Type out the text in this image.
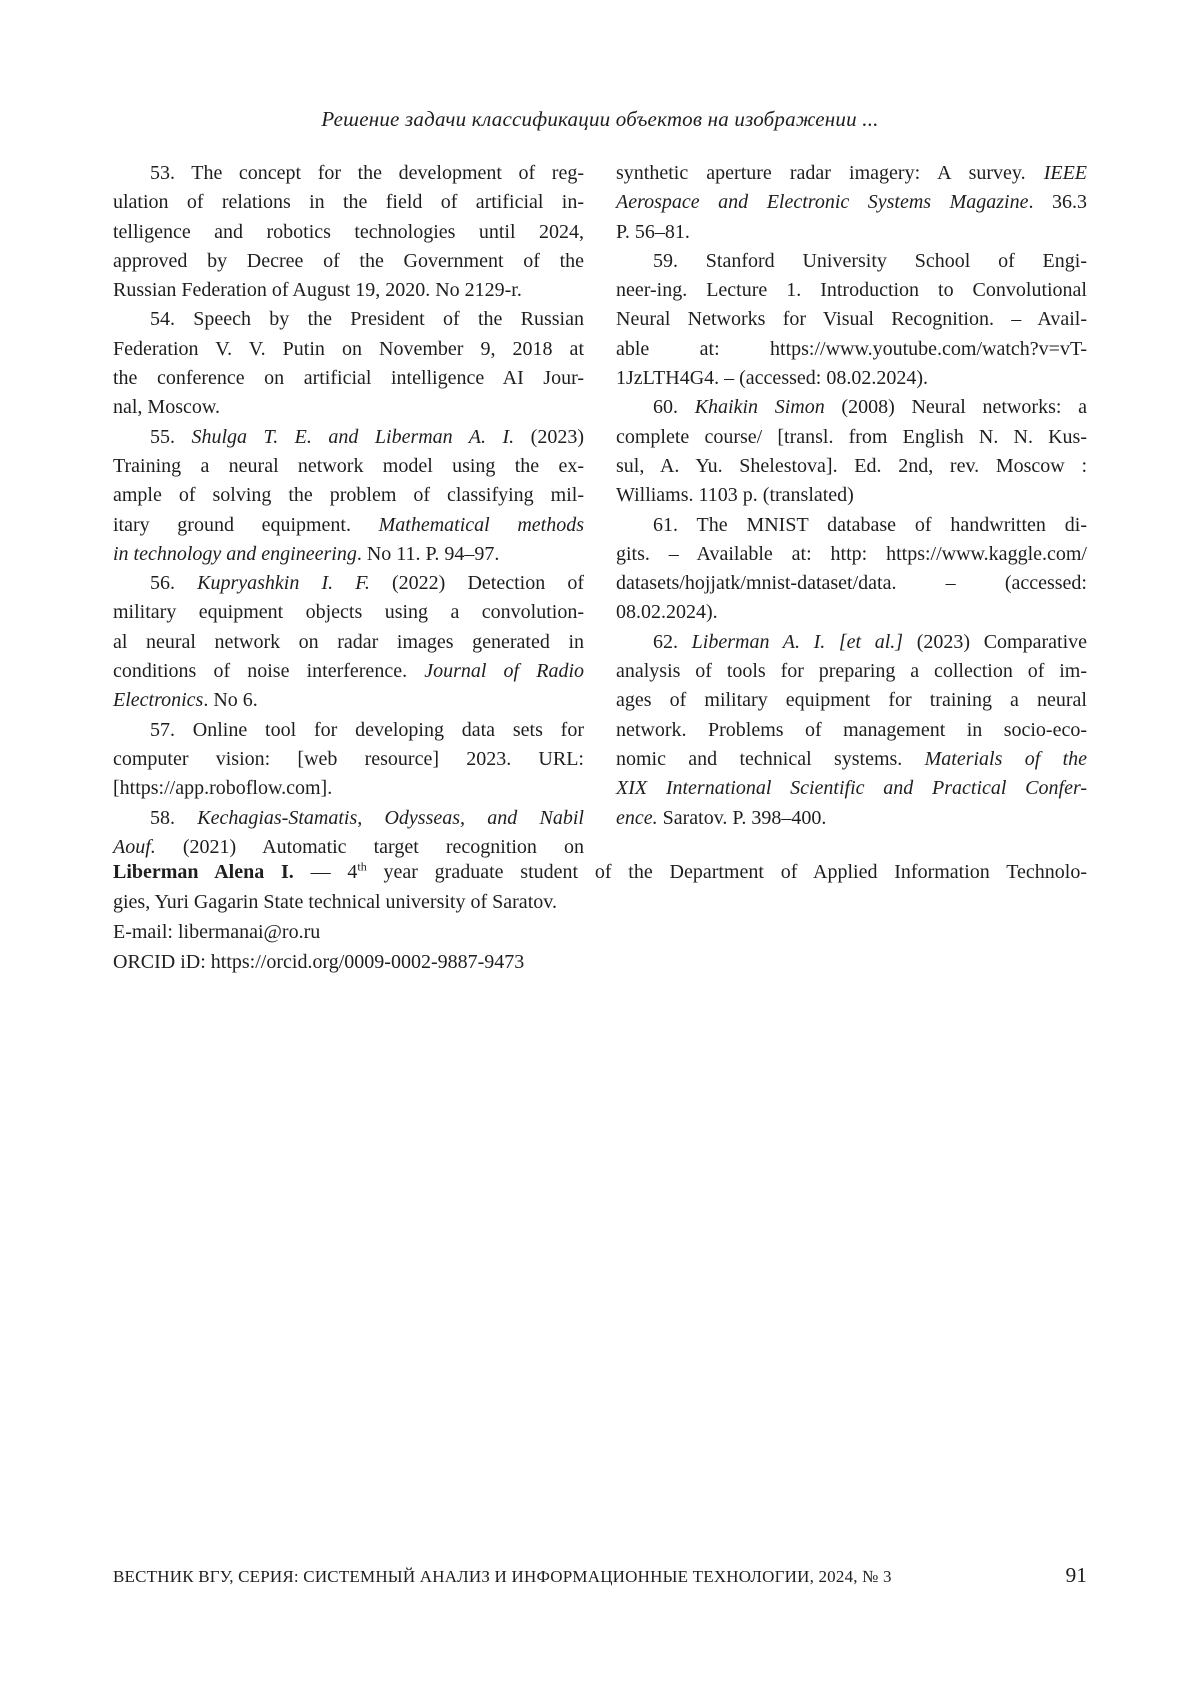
Решение задачи классификации объектов на изображении ...
53. The concept for the development of reg-
ulation of relations in the field of artificial in-
telligence and robotics technologies until 2024,
approved by Decree of the Government of the
Russian Federation of August 19, 2020. No 2129-r.
54. Speech by the President of the Russian
Federation V. V. Putin on November 9, 2018 at
the conference on artificial intelligence AI Jour-
nal, Moscow.
55. Shulga T. E. and Liberman A. I. (2023)
Training a neural network model using the ex-
ample of solving the problem of classifying mil-
itary ground equipment. Mathematical methods
in technology and engineering. No 11. P. 94–97.
56. Kupryashkin I. F. (2022) Detection of
military equipment objects using a convolution-
al neural network on radar images generated in
conditions of noise interference. Journal of Radio
Electronics. No 6.
57. Online tool for developing data sets for
computer vision: [web resource] 2023. URL:
[https://app.roboflow.com].
58. Kechagias-Stamatis, Odysseas, and Nabil
Aouf. (2021) Automatic target recognition on
synthetic aperture radar imagery: A survey. IEEE
Aerospace and Electronic Systems Magazine. 36.3
P. 56–81.
59. Stanford University School of Engi-
neer-ing. Lecture 1. Introduction to Convolutional
Neural Networks for Visual Recognition. – Avail-
able at: https://www.youtube.com/watch?v=vT-
1JzLTH4G4. – (accessed: 08.02.2024).
60. Khaikin Simon (2008) Neural networks: a
complete course/ [transl. from English N. N. Kus-
sul, A. Yu. Shelestova]. Ed. 2nd, rev. Moscow :
Williams. 1103 p. (translated)
61. The MNIST database of handwritten di-
gits. – Available at: http: https://www.kaggle.com/
datasets/hojjatk/mnist-dataset/data. – (accessed:
08.02.2024).
62. Liberman A. I. [et al.] (2023) Comparative
analysis of tools for preparing a collection of im-
ages of military equipment for training a neural
network. Problems of management in socio-eco-
nomic and technical systems. Materials of the
XIX International Scientific and Practical Confer-
ence. Saratov. P. 398–400.
Liberman Alena I. — 4th year graduate student of the Department of Applied Information Technolo-
gies, Yuri Gagarin State technical university of Saratov.
E-mail: libermanai@ro.ru
ORCID iD: https://orcid.org/0009-0002-9887-9473
ВЕСТНИК ВГУ, СЕРИЯ: СИСТЕМНЫЙ АНАЛИЗ И ИНФОРМАЦИОННЫЕ ТЕХНОЛОГИИ, 2024, № 3	91
